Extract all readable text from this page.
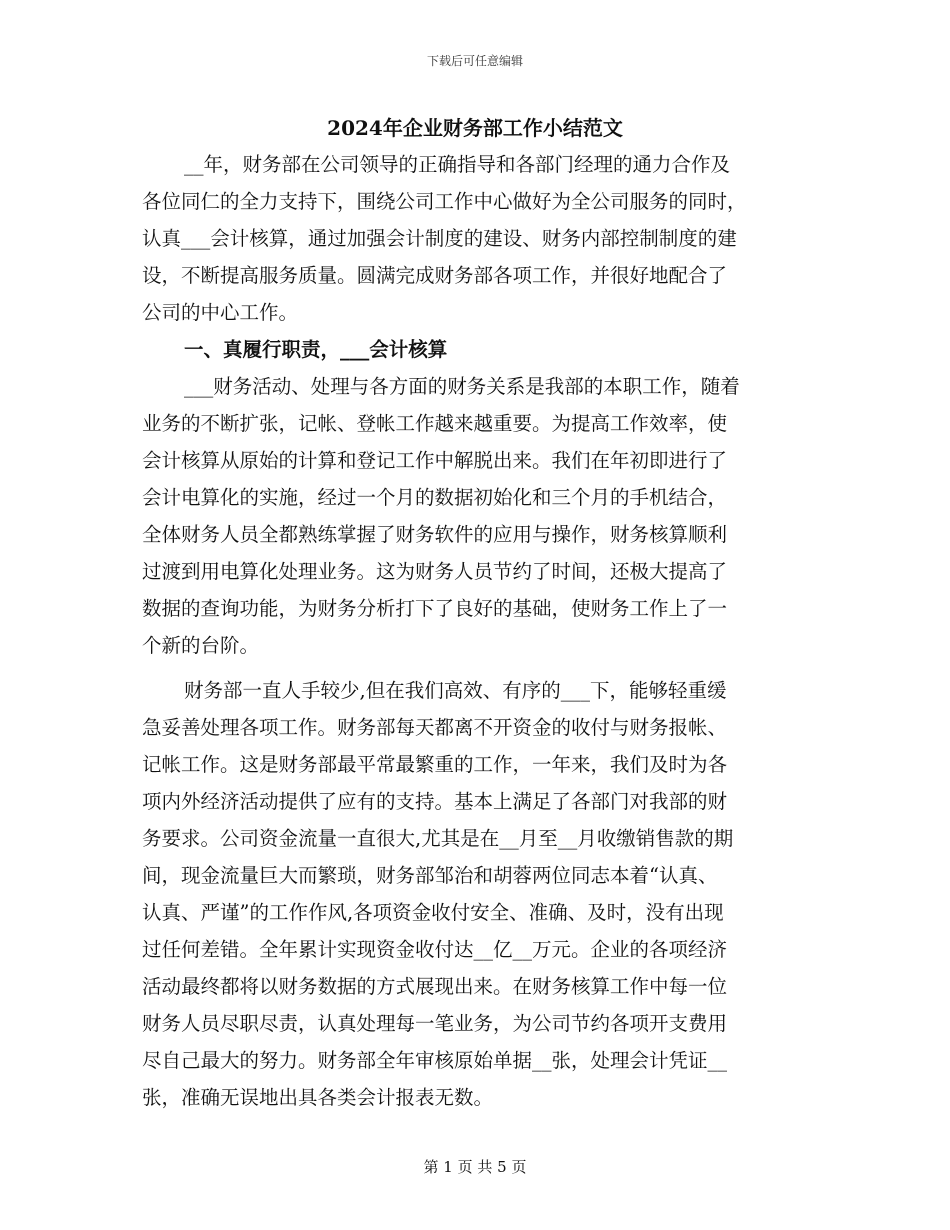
下载后可任意编辑
2024年企业财务部工作小结范文
__年，财务部在公司领导的正确指导和各部门经理的通力合作及
各位同仁的全力支持下，围绕公司工作中心做好为全公司服务的同时，
认真___会计核算，通过加强会计制度的建设、财务内部控制制度的建
设，不断提高服务质量。圆满完成财务部各项工作，并很好地配合了
公司的中心工作。
一、真履行职责，___会计核算
___财务活动、处理与各方面的财务关系是我部的本职工作，随着
业务的不断扩张，记帐、登帐工作越来越重要。为提高工作效率，使
会计核算从原始的计算和登记工作中解脱出来。我们在年初即进行了
会计电算化的实施，经过一个月的数据初始化和三个月的手机结合，
全体财务人员全都熟练掌握了财务软件的应用与操作，财务核算顺利
过渡到用电算化处理业务。这为财务人员节约了时间，还极大提高了
数据的查询功能，为财务分析打下了良好的基础，使财务工作上了一
个新的台阶。
财务部一直人手较少,但在我们高效、有序的___下，能够轻重缓
急妥善处理各项工作。财务部每天都离不开资金的收付与财务报帐、
记帐工作。这是财务部最平常最繁重的工作，一年来，我们及时为各
项内外经济活动提供了应有的支持。基本上满足了各部门对我部的财
务要求。公司资金流量一直很大,尤其是在__月至__月收缴销售款的期
间，现金流量巨大而繁琐，财务部邹治和胡蓉两位同志本着“认真、
认真、严谨”的工作作风,各项资金收付安全、准确、及时，没有出现
过任何差错。全年累计实现资金收付达__亿__万元。企业的各项经济
活动最终都将以财务数据的方式展现出来。在财务核算工作中每一位
财务人员尽职尽责，认真处理每一笔业务，为公司节约各项开支费用
尽自己最大的努力。财务部全年审核原始单据__张，处理会计凭证__
张，准确无误地出具各类会计报表无数。
第 1 页 共 5 页
